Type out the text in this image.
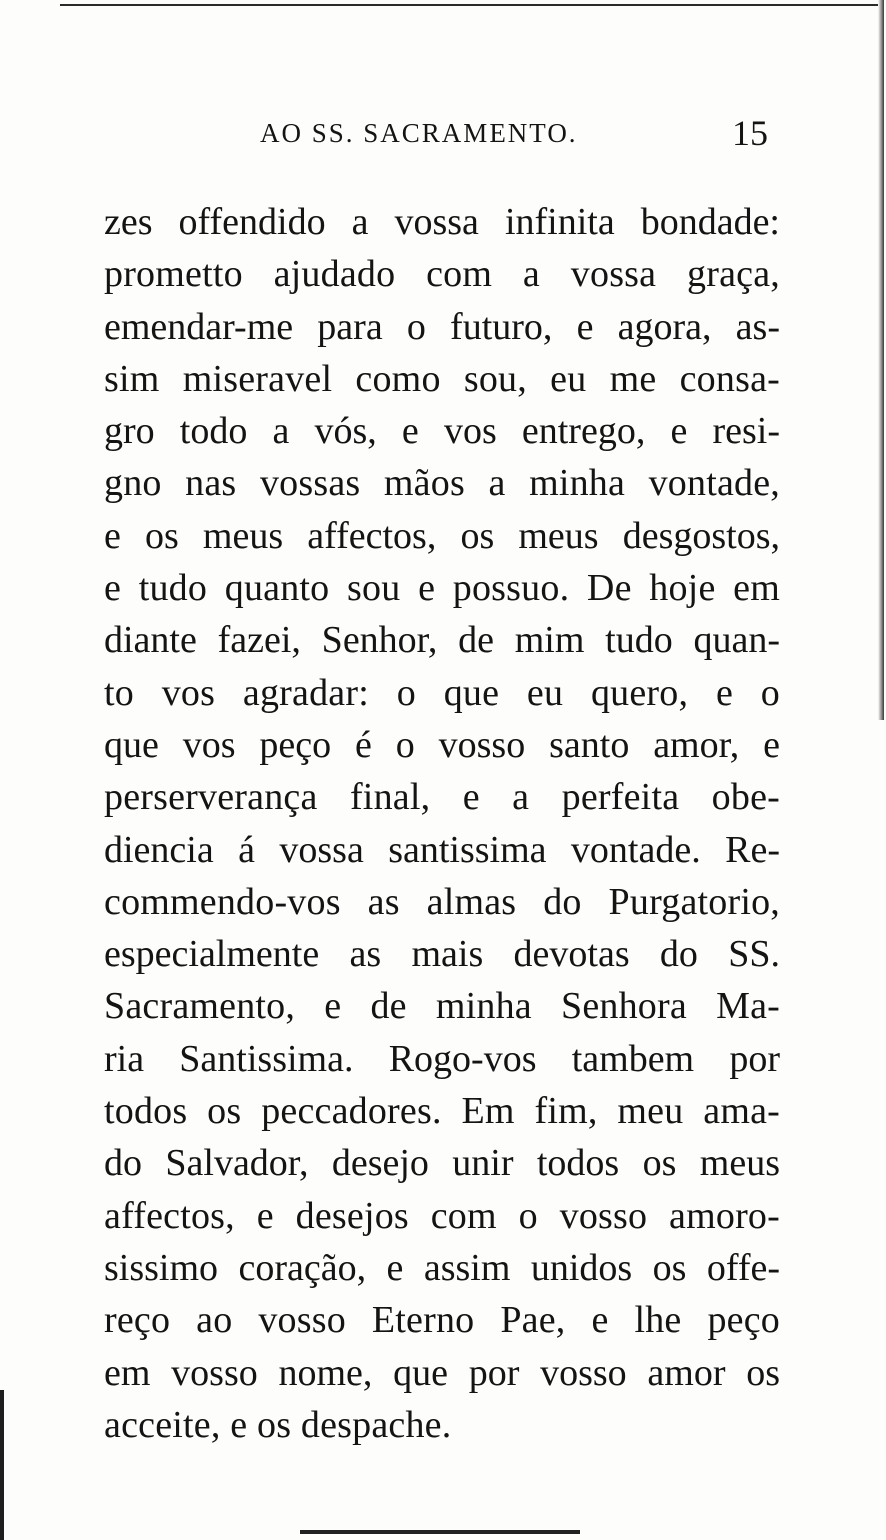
AO SS. SACRAMENTO.	15
zes offendido a vossa infinita bondade:
prometto ajudado com a vossa graça,
emendar-me para o futuro, e agora, as-
sim miseravel como sou, eu me consa-
gro todo a vós, e vos entrego, e resi-
gno nas vossas mãos a minha vontade,
e os meus affectos, os meus desgostos,
e tudo quanto sou e possuo. De hoje em
diante fazei, Senhor, de mim tudo quan-
to vos agradar: o que eu quero, e o
que vos peço é o vosso santo amor, e
perserverança final, e a perfeita obe-
diencia á vossa santissima vontade. Re-
commendo-vos as almas do Purgatorio,
especialmente as mais devotas do SS.
Sacramento, e de minha Senhora Ma-
ria Santissima. Rogo-vos tambem por
todos os peccadores. Em fim, meu ama-
do Salvador, desejo unir todos os meus
affectos, e desejos com o vosso amoro-
sissimo coração, e assim unidos os offe-
reço ao vosso Eterno Pae, e lhe peço
em vosso nome, que por vosso amor os
acceite, e os despache.
